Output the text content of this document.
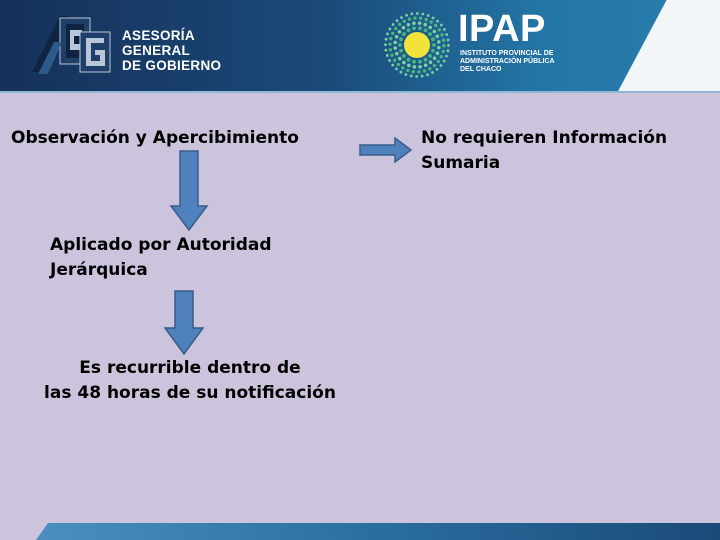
ASESORÍA
GENERAL
DE GOBIERNO
IPAP
INSTITUTO PROVINCIAL DE
ADMINISTRACIÓN PÚBLICA
DEL CHACO
Observación y Apercibimiento	No requieren Información
Sumaria
Aplicado por Autoridad
Jerárquica
Es recurrible dentro de
las 48 horas de su notificación
